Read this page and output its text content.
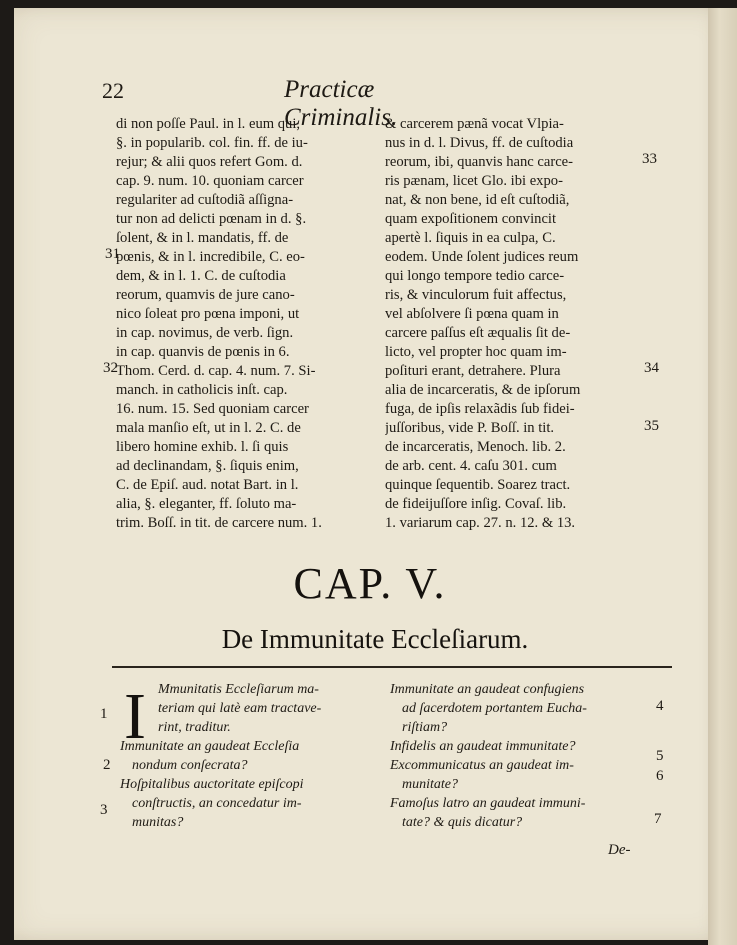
22	Practicæ Criminalis.
di non poſſe Paul. in l. eum qui,
§. in popularib. col. fin. ff. de iu-
rejur; & alii quos refert Gom. d.
cap. 9. num. 10. quoniam carcer
regulariter ad cuſtodiã aſſigna-
tur non ad delicti pœnam in d. §.
ſolent, & in l. mandatis, ff. de
pœnis, & in l. incredibile, C. eo-
dem, & in l. 1. C. de cuſtodia
reorum, quamvis de jure cano-
nico ſoleat pro pœna imponi, ut
in cap. novimus, de verb. ſign.
in cap. quanvis de pœnis in 6.
Thom. Cerd. d. cap. 4. num. 7. Si-
manch. in catholicis inſt. cap.
16. num. 15. Sed quoniam carcer
mala manſio eſt, ut in l. 2. C. de
libero homine exhib. l. ſi quis
ad declinandam, §. ſiquis enim,
C. de Epiſ. aud. notat Bart. in l.
alia, §. eleganter, ff. ſoluto ma-
trim. Boſſ. in tit. de carcere num. 1.
& carcerem pænã vocat Vlpia-
nus in d. l. Divus, ff. de cuſtodia
reorum, ibi, quanvis hanc carce-
ris pænam, licet Glo. ibi expo-
nat, & non bene, id eſt cuſtodiã,
quam expoſitionem convincit
apertè l. ſiquis in ea culpa, C.
eodem. Unde ſolent judices reum
qui longo tempore tedio carce-
ris, & vinculorum fuit affectus,
vel abſolvere ſi pœna quam in
carcere paſſus eſt æqualis ſit de-
licto, vel propter hoc quam im-
poſituri erant, detrahere. Plura
alia de incarceratis, & de ipſorum
fuga, de ipſis relaxãdis ſub fidei-
juſſoribus, vide P. Boſſ. in tit.
de incarceratis, Menoch. lib. 2.
de arb. cent. 4. caſu 301. cum
quinque ſequentib. Soarez tract.
de fideijuſſore inſig. Covaſ. lib.
1. variarum cap. 27. n. 12. & 13.
31
32
33
34
35
CAP. V.
De Immunitate Eccleſiarum.
I Mmunitatis Eccleſiarum ma-
teriam qui latè eam tractave-
rint, traditur.
Immunitate an gaudeat Eccleſia
nondum conſecrata?
Hoſpitalibus auctoritate epiſcopi
conſtructis, an concedatur im-
munitas?
Immunitate an gaudeat confugiens
ad ſacerdotem portantem Eucha-
riſtiam?
Infidelis an gaudeat immunitate?
Excommunicatus an gaudeat im-
munitate?
Famoſus latro an gaudeat immuni-
tate? & quis dicatur?
1
2
3
4
5
6
7
De-
